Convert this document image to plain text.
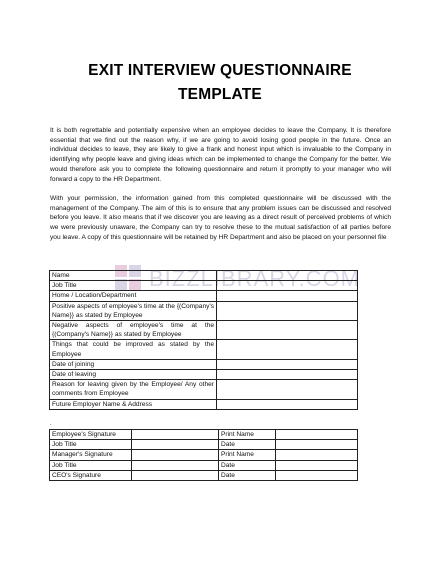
EXIT INTERVIEW QUESTIONNAIRE
TEMPLATE
It is both regrettable and potentially expensive when an employee decides to leave the Company. It is therefore essential that we find out the reason why, if we are going to avoid losing good people in the future. Once an individual decides to leave, they are likely to give a frank and honest input which is invaluable to the Company in identifying why people leave and giving ideas which can be implemented to change the Company for the better. We would therefore ask you to complete the following questionnaire and return it promptly to your manager who will forward a copy to the HR Department.
With your permission, the information gained from this completed questionnaire will be discussed with the management of the Company. The aim of this is to ensure that any problem issues can be discussed and resolved before you leave. It also means that if we discover you are leaving as a direct result of perceived problems of which we were previously unaware, the Company can try to resolve these to the mutual satisfaction of all parties before you leave. A copy of this questionnaire will be retained by HR Department and also be placed on your personnel file
BIZZLIBRARY.COM
Name	
Job Title	
Home / Location/Department	
Positive aspects of employee's time at the {(Company's Name}} as stated by Employee	
Negative aspects of employee's time at the {(Company's Name}} as stated by Employee	
Things that could be improved as stated by the Employee	
Date of joining	
Date of leaving	
Reason for leaving given by the Employee/ Any other comments from Employee	
Future Employer Name & Address	
.
Employee's Signature		Print Name	
Job Title		Date	
Manager's Signature		Print Name	
Job Title		Date	
CEO's Signature		Date	
